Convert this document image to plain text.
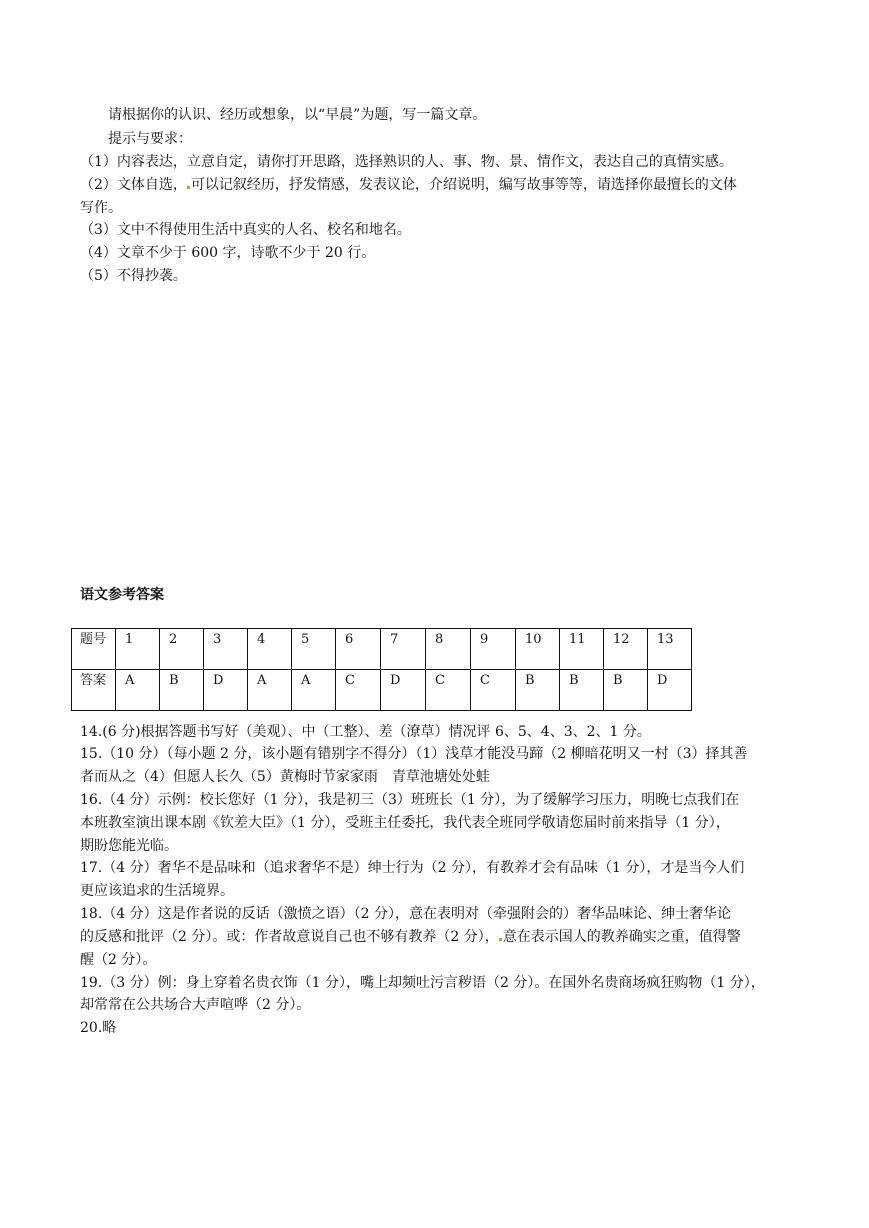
请根据你的认识、经历或想象，以“早晨”为题，写一篇文章。

提示与要求：

（1）内容表达，立意自定，请你打开思路，选择熟识的人、事、物、景、情作文，表达自己的真情实感。

（2）文体自选， 可以记叙经历，抒发情感，发表议论，介绍说明，编写故事等等，请选择你最擅长的文体

写作。

（3）文中不得使用生活中真实的人名、校名和地名。

（4）文章不少于 600 字，诗歌不少于 20 行。

（5）不得抄袭。

语文参考答案

题号	1	2	3	4	5	6	7	8	9	10	11	12	13
答案	A	B	D	A	A	C	D	C	C	B	B	B	D

14.(6 分)根据答题书写好（美观）、中（工整）、差（潦草）情况评 6、5、4、3、2、1 分。

15.（10 分）（每小题 2 分，该小题有错别字不得分）（1）浅草才能没马蹄（2 柳暗花明又一村（3）择其善

者而从之（4）但愿人长久（5）黄梅时节家家雨　青草池塘处处蛙

16.（4 分）示例：校长您好（1 分），我是初三（3）班班长（1 分），为了缓解学习压力，明晚七点我们在

本班教室演出课本剧《钦差大臣》（1 分），受班主任委托，我代表全班同学敬请您届时前来指导（1 分），

期盼您能光临。

17.（4 分）奢华不是品味和（追求奢华不是）绅士行为（2 分），有教养才会有品味（1 分），才是当今人们

更应该追求的生活境界。

18.（4 分）这是作者说的反话（激愤之语）（2 分），意在表明对（牵强附会的）奢华品味论、绅士奢华论

的反感和批评（2 分）。或：作者故意说自己也不够有教养（2 分）， 意在表示国人的教养确实之重，值得警

醒（2 分）。

19.（3 分）例：身上穿着名贵衣饰（1 分），嘴上却频吐污言秽语（2 分）。在国外名贵商场疯狂购物（1 分），

却常常在公共场合大声喧哗（2 分）。

20.略
